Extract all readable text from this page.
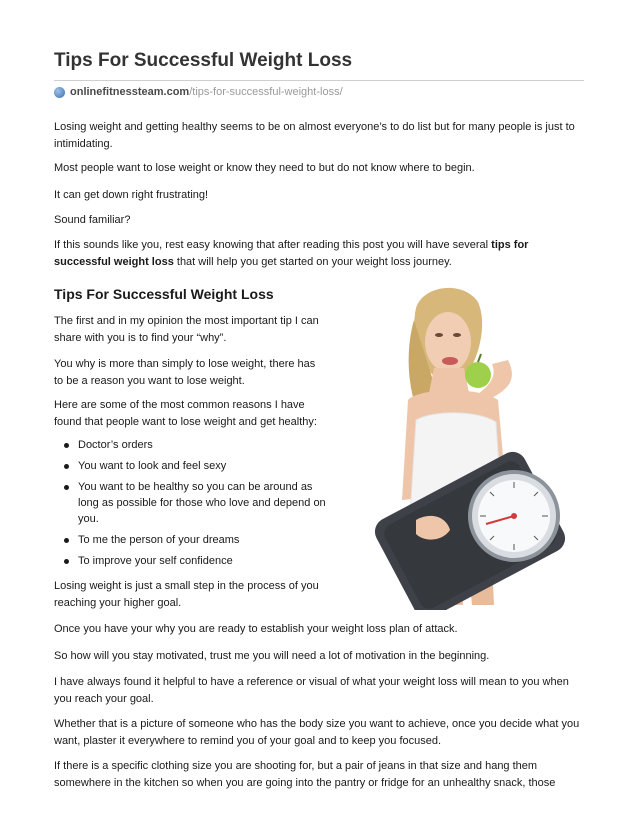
Tips For Successful Weight Loss
onlinefitnessteam.com /tips-for-successful-weight-loss/

Losing weight and getting healthy seems to be on almost everyone’s to do list but for many people is just to intimidating.

Most people want to lose weight or know they need to but do not know where to begin.

It can get down right frustrating!

Sound familiar?

If this sounds like you, rest easy knowing that after reading this post you will have several tips for successful weight loss that will help you get started on your weight loss journey.

Tips For Successful Weight Loss

The first and in my opinion the most important tip I can share with you is to find your “why”.

You why is more than simply to lose weight, there has to be a reason you want to lose weight.

Here are some of the most common reasons I have found that people want to lose weight and get healthy:

Doctor’s orders
You want to look and feel sexy
You want to be healthy so you can be around as long as possible for those who love and depend on you.
To me the person of your dreams
To improve your self confidence

Losing weight is just a small step in the process of you reaching your higher goal.

Once you have your why you are ready to establish your weight loss plan of attack.

So how will you stay motivated, trust me you will need a lot of motivation in the beginning.

I have always found it helpful to have a reference or visual of what your weight loss will mean to you when you reach your goal.

Whether that is a picture of someone who has the body size you want to achieve, once you decide what you want, plaster it everywhere to remind you of your goal and to keep you focused.

If there is a specific clothing size you are shooting for, but a pair of jeans in that size and hang them somewhere in the kitchen so when you are going into the pantry or fridge for an unhealthy snack, those
